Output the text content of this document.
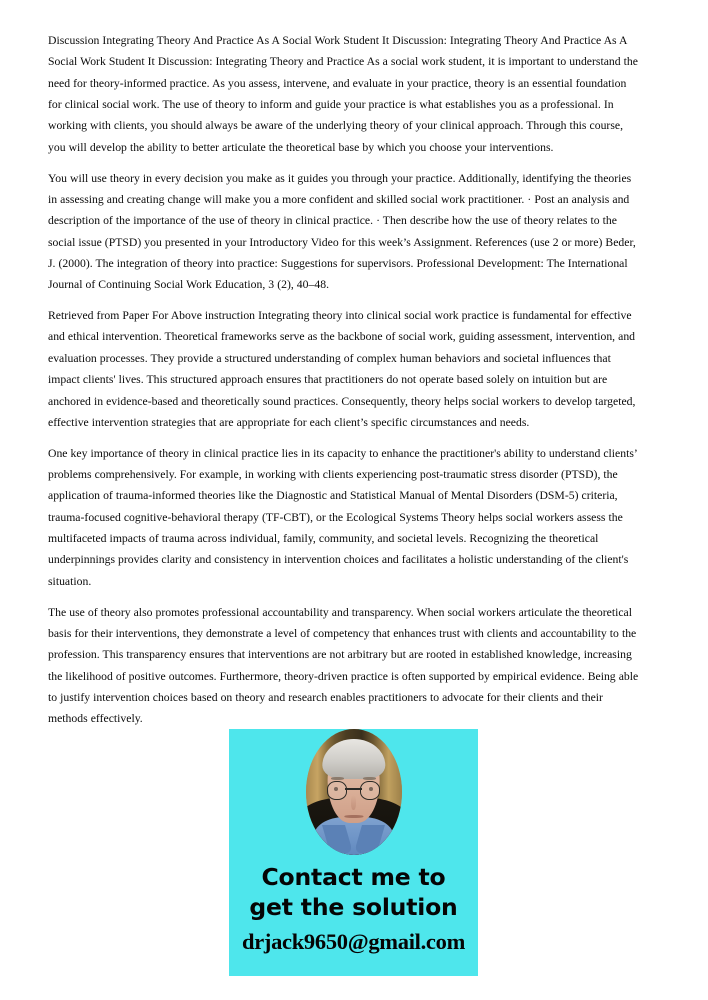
Discussion Integrating Theory And Practice As A Social Work Student It Discussion: Integrating Theory And Practice As A Social Work Student It Discussion: Integrating Theory and Practice As a social work student, it is important to understand the need for theory-informed practice. As you assess, intervene, and evaluate in your practice, theory is an essential foundation for clinical social work. The use of theory to inform and guide your practice is what establishes you as a professional. In working with clients, you should always be aware of the underlying theory of your clinical approach. Through this course, you will develop the ability to better articulate the theoretical base by which you choose your interventions.

You will use theory in every decision you make as it guides you through your practice. Additionally, identifying the theories in assessing and creating change will make you a more confident and skilled social work practitioner. · Post an analysis and description of the importance of the use of theory in clinical practice. · Then describe how the use of theory relates to the social issue (PTSD) you presented in your Introductory Video for this week’s Assignment. References (use 2 or more) Beder, J. (2000). The integration of theory into practice: Suggestions for supervisors. Professional Development: The International Journal of Continuing Social Work Education, 3 (2), 40–48.

Retrieved from Paper For Above instruction Integrating theory into clinical social work practice is fundamental for effective and ethical intervention. Theoretical frameworks serve as the backbone of social work, guiding assessment, intervention, and evaluation processes. They provide a structured understanding of complex human behaviors and societal influences that impact clients' lives. This structured approach ensures that practitioners do not operate based solely on intuition but are anchored in evidence-based and theoretically sound practices. Consequently, theory helps social workers to develop targeted, effective intervention strategies that are appropriate for each client’s specific circumstances and needs.

One key importance of theory in clinical practice lies in its capacity to enhance the practitioner's ability to understand clients’ problems comprehensively. For example, in working with clients experiencing post-traumatic stress disorder (PTSD), the application of trauma-informed theories like the Diagnostic and Statistical Manual of Mental Disorders (DSM-5) criteria, trauma-focused cognitive-behavioral therapy (TF-CBT), or the Ecological Systems Theory helps social workers assess the multifaceted impacts of trauma across individual, family, community, and societal levels. Recognizing the theoretical underpinnings provides clarity and consistency in intervention choices and facilitates a holistic understanding of the client's situation.

The use of theory also promotes professional accountability and transparency. When social workers articulate the theoretical basis for their interventions, they demonstrate a level of competency that enhances trust with clients and accountability to the profession. This transparency ensures that interventions are not arbitrary but are rooted in established knowledge, increasing the likelihood of positive outcomes. Furthermore, theory-driven practice is often supported by empirical evidence. Being able to justify intervention choices based on theory and research enables practitioners to advocate for their clients and their methods effectively.

Contact me to
get the solution
drjack9650@gmail.com
